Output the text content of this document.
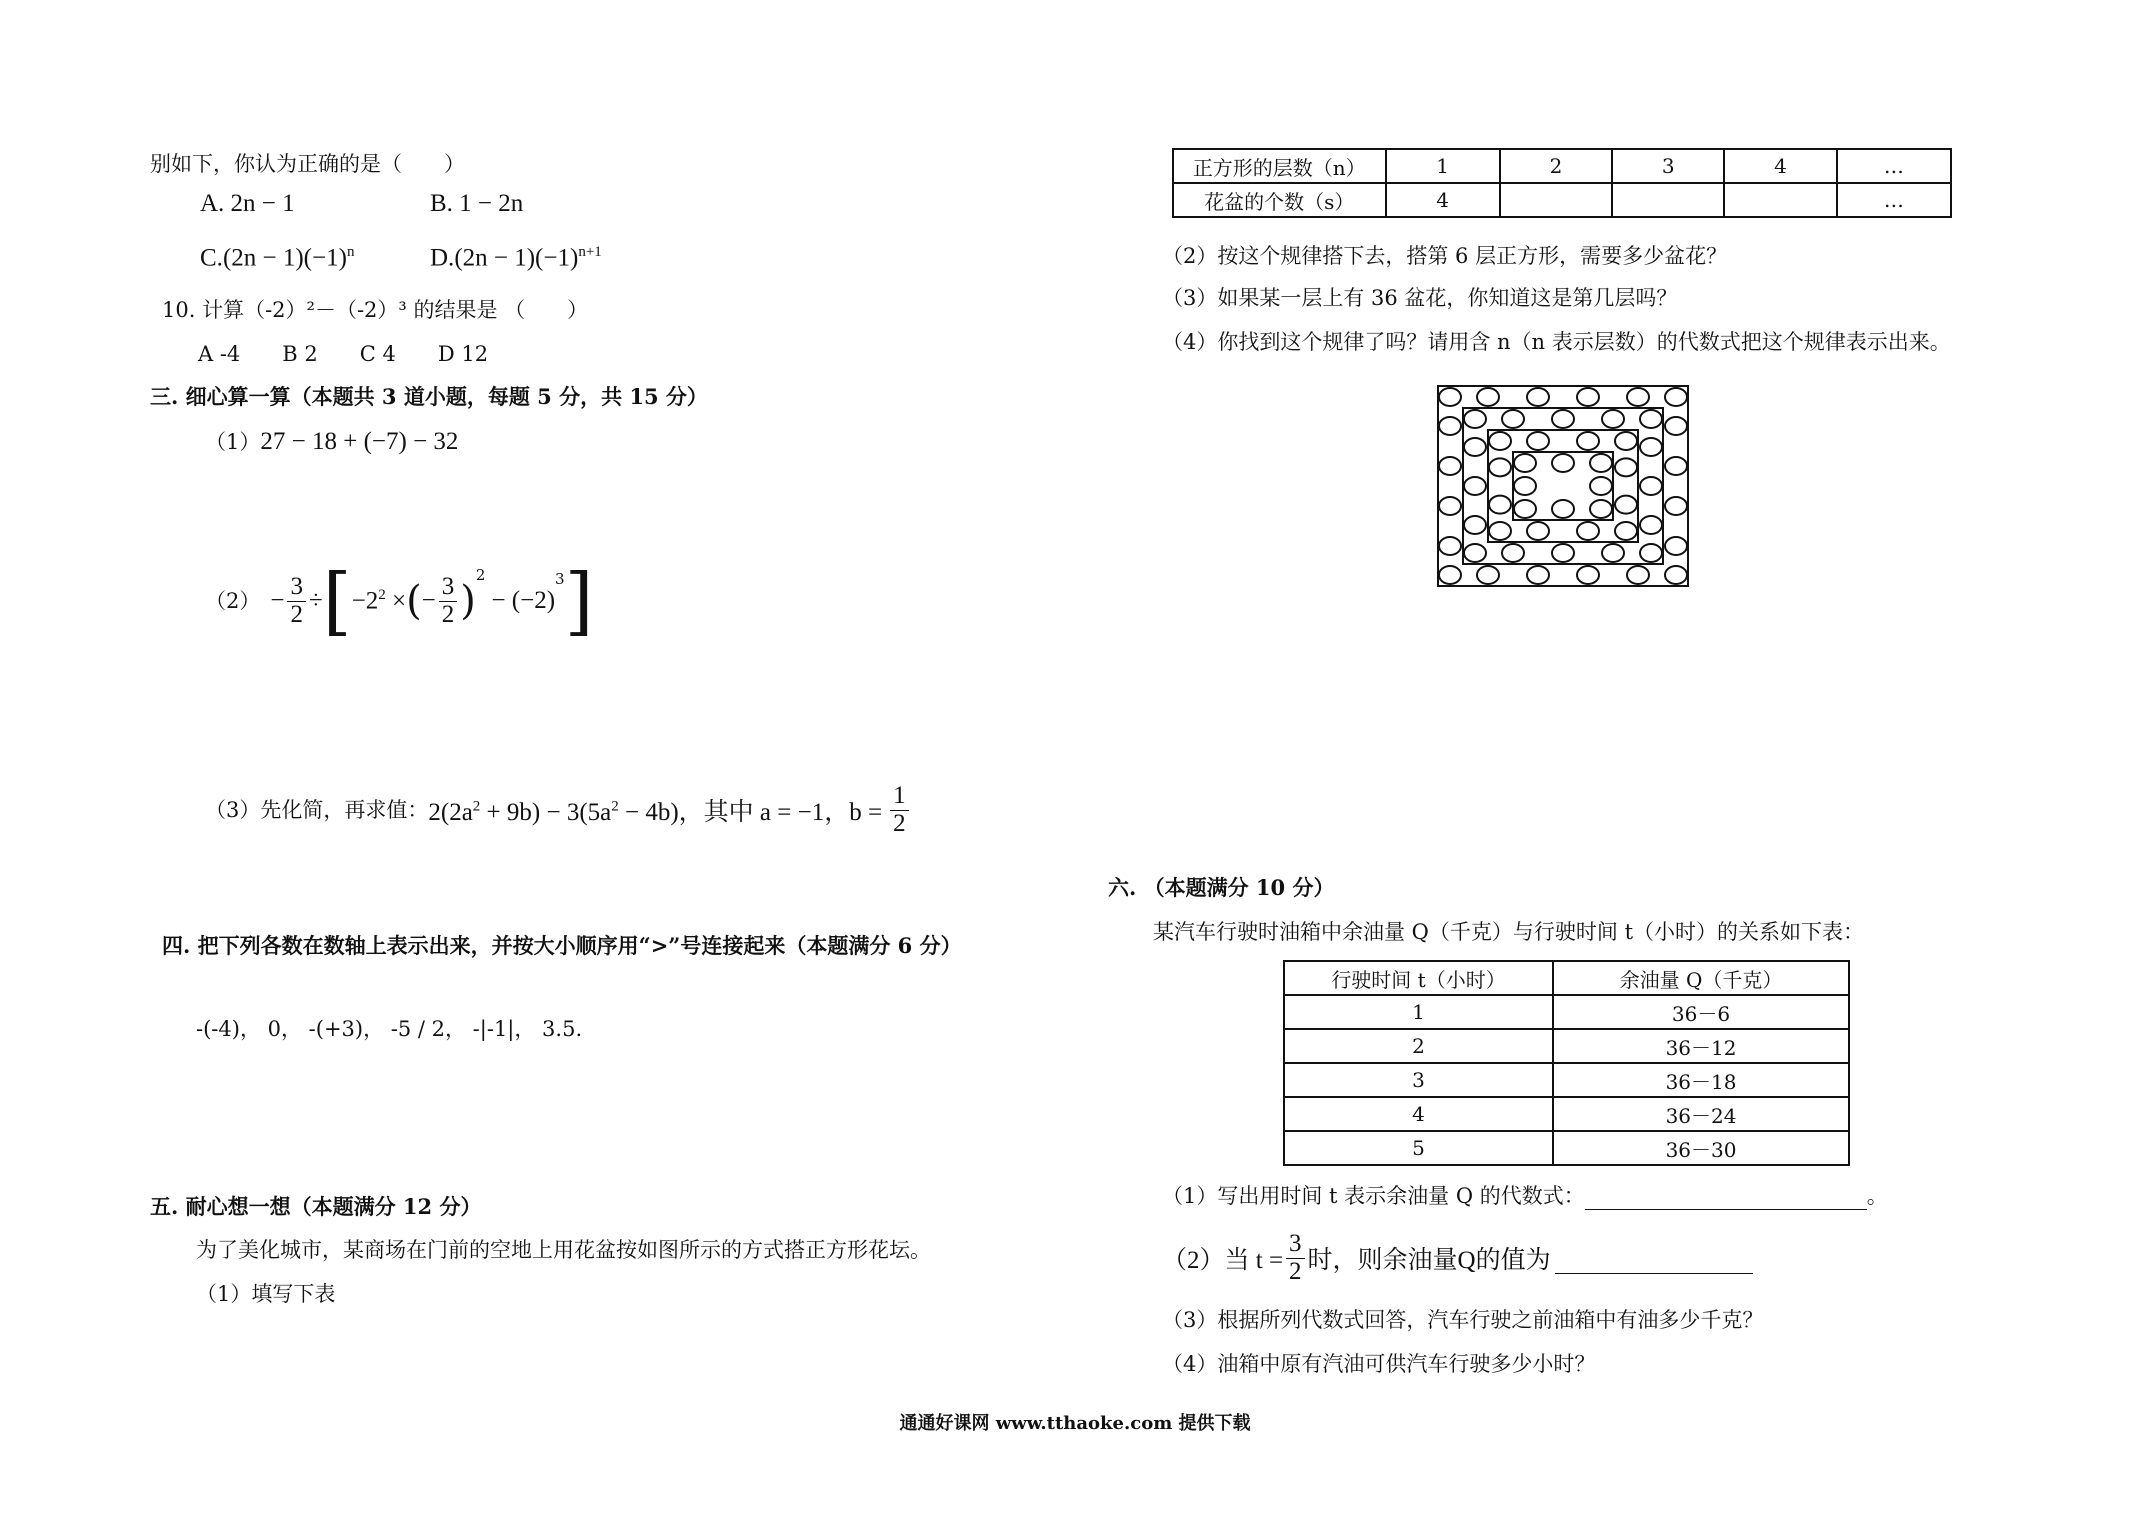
别如下，你认为正确的是（　　）
A. 2n − 1	B. 1 − 2n
$C.(2n - 1)(-1)^n$	$D.(2n - 1)(-1)^{n+1}$
10. 计算（-2）²－（-2）³ 的结果是 （　　）
A -4　　B 2　　C 4　　D 12
三. 细心算一算（本题共 3 道小题，每题 5 分，共 15 分）
（1）27 − 18 + (−7) − 32
$(2) - \frac{3}{2}$ ÷ [ $-2^2$ × ( − $\frac{3}{2}$ )
2
− (−2)
3 ]
（3）先化简，再求值： $2(2a^2 + 9b) - 3(5a^2 - 4b)$，其中 a = −1，$b = \frac{1}{2}$
四. 把下列各数在数轴上表示出来，并按大小顺序用“>”号连接起来（本题满分 6 分）
-(-4)， 0， -(+3)， -5 / 2， -|-1|， 3.5.
五. 耐心想一想（本题满分 12 分）
为了美化城市，某商场在门前的空地上用花盆按如图所示的方式搭正方形花坛。
（1）填写下表
正方形的层数（n）	1	2	3	4	…
花盆的个数（s）	4				…
（2）按这个规律搭下去，搭第 6 层正方形，需要多少盆花？
（3）如果某一层上有 36 盆花，你知道这是第几层吗？
（4）你找到这个规律了吗？请用含 n（n 表示层数）的代数式把这个规律表示出来。
六. （本题满分 10 分）
某汽车行驶时油箱中余油量 Q（千克）与行驶时间 t（小时）的关系如下表：
行驶时间 t（小时）	余油量 Q（千克）
1	36－6
2	36－12
3	36－18
4	36－24
5	36－30
（1）写出用时间 t 表示余油量 Q 的代数式：	。
（2）当 $t = \frac{3}{2}$ 时，则余油量Q的值为
（3）根据所列代数式回答，汽车行驶之前油箱中有油多少千克？
（4）油箱中原有汽油可供汽车行驶多少小时？
通通好课网 www.tthaoke.com 提供下载
